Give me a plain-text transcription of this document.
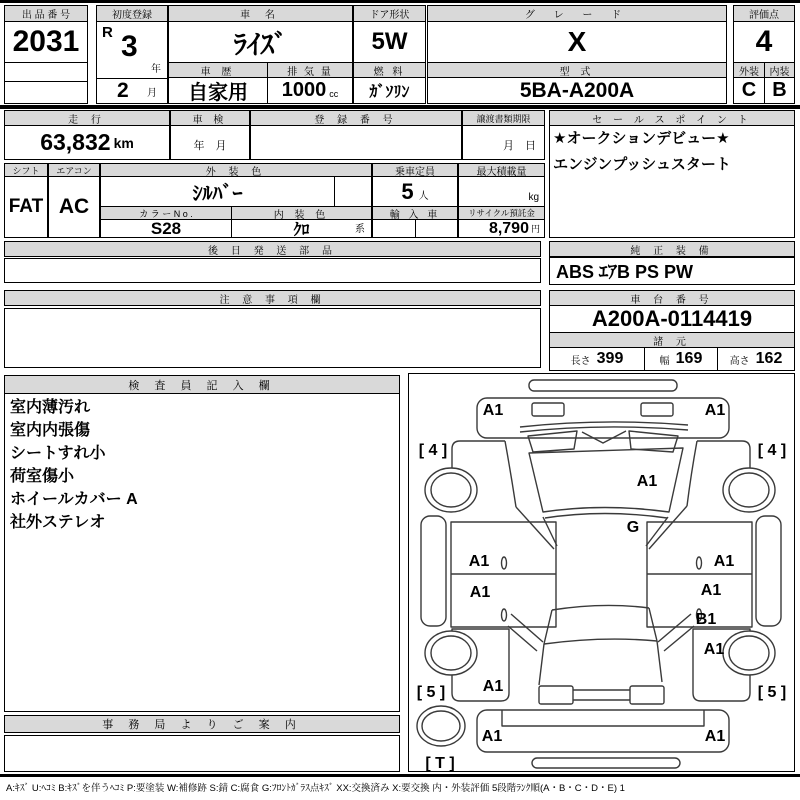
出 品 番 号
2031
初度登録
R 3
年
2 月
車 名
ﾗｲｽﾞ
車 歴
自家用
排 気 量
1000 cc
ドア形状
5W
燃 料
ｶﾞｿﾘﾝ
グ レ ー ド
X
型 式
5BA-A200A
評価点
4
外装 内装
C B
走 行
63,832 km
車 検
年　月
登 録 番 号	譲渡書類期限
月　日
シフト
FAT
エアコン
AC
外 装 色
ｼﾙﾊﾞｰ
カ ラ ー N o .	内 装 色
S28	ｸﾛ	系
乗車定員
5 人
輸 入 車
最大積載量
kg
リサイクル預託金
8,790 円
セ ー ル ス ポ イ ン ト
★オークションデビュー★
エンジンプッシュスタート
後 日 発 送 部 品	純 正 装 備
ABS ｴｱB PS PW
注 意 事 項 欄	車 台 番 号
A200A-0114419
諸 元
長さ 399	幅 169	高さ 162
検 査 員 記 入 欄
室内薄汚れ
室内内張傷
シートすれ小
荷室傷小
ホイールカバー A
社外ステレオ
事 務 局 よ り ご 案 内
A1	A1
[ 4 ]	[ 4 ]
A1
G
A1	A1
A1	A1
B1
A1
A1
[ 5 ]	[ 5 ]
A1	A1
[ T ]
A:ｷｽﾞ U:ﾍｺﾐ B:ｷｽﾞを伴うﾍｺﾐ P:要塗装 W:補修跡 S:錆 C:腐食 G:ﾌﾛﾝﾄｶﾞﾗｽ点ｷｽﾞ XX:交換済み X:要交換 内・外装評価 5段階ﾗﾝｸ順(A・B・C・D・E) 1
